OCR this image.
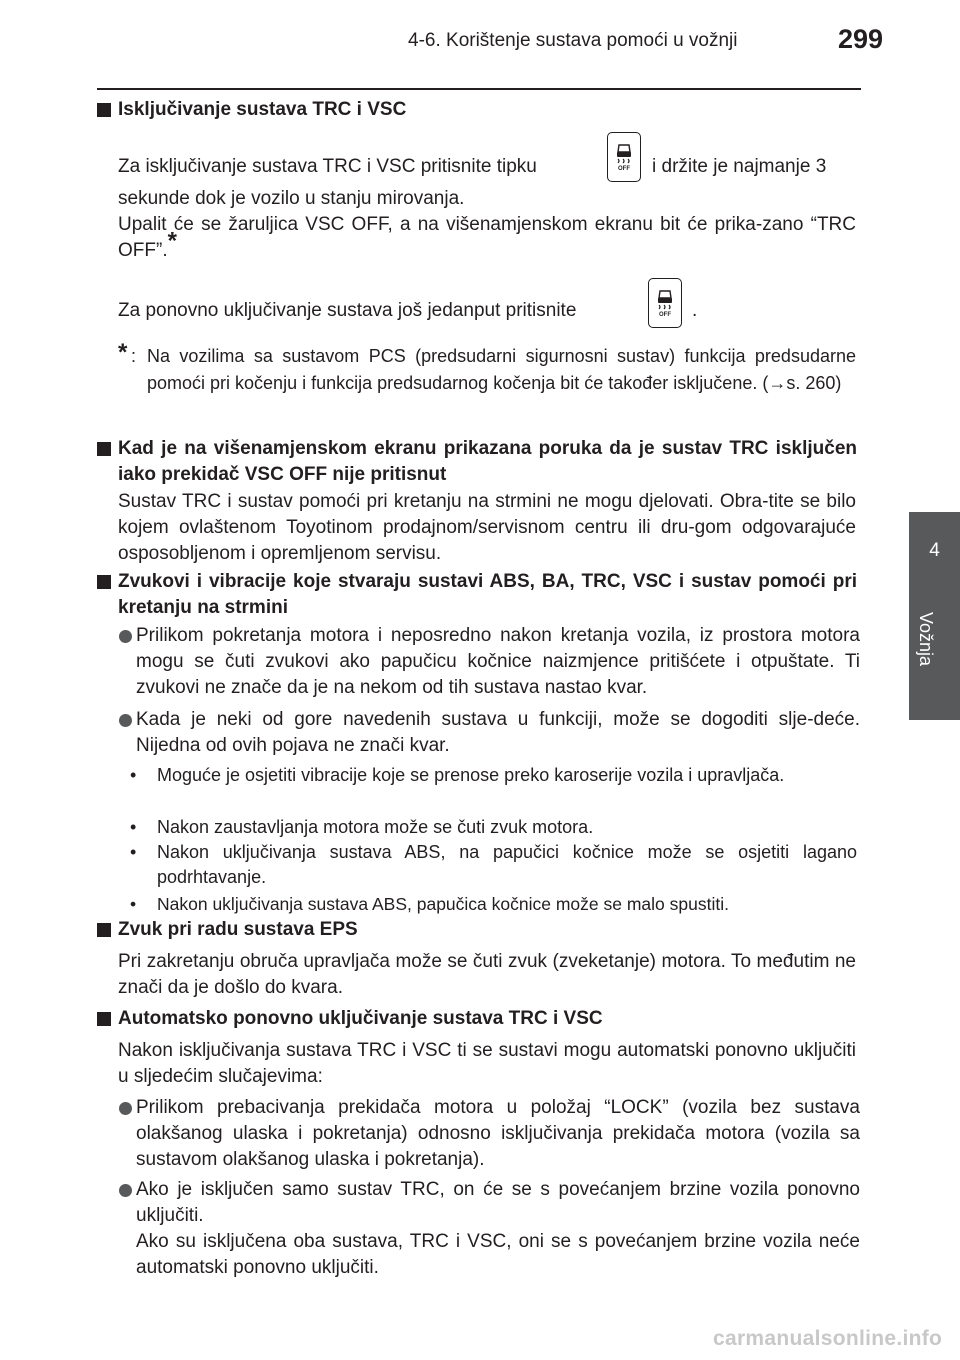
4-6. Korištenje sustava pomoći u vožnji	299
4
Vožnja
Isključivanje sustava TRC i VSC
Za isključivanje sustava TRC i VSC pritisnite tipku	OFF i držite je najmanje 3
sekunde dok je vozilo u stanju mirovanja.
Upalit će se žaruljica VSC OFF, a na višenamjenskom ekranu bit će prika-zano “TRC OFF”.*
Za ponovno uključivanje sustava još jedanput pritisnite	OFF .
* : Na vozilima sa sustavom PCS (predsudarni sigurnosni sustav) funkcija predsudarne pomoći pri kočenju i funkcija predsudarnog kočenja bit će također isključene. (→s. 260)
Kad je na višenamjenskom ekranu prikazana poruka da je sustav TRC isključen iako prekidač VSC OFF nije pritisnut
Sustav TRC i sustav pomoći pri kretanju na strmini ne mogu djelovati. Obra-tite se bilo kojem ovlaštenom Toyotinom prodajnom/servisnom centru ili dru-gom odgovarajuće osposobljenom i opremljenom servisu.
Zvukovi i vibracije koje stvaraju sustavi ABS, BA, TRC, VSC i sustav pomoći pri kretanju na strmini
Prilikom pokretanja motora i neposredno nakon kretanja vozila, iz prostora motora mogu se čuti zvukovi ako papučicu kočnice naizmjence pritišćete i otpuštate. Ti zvukovi ne znače da je na nekom od tih sustava nastao kvar.
Kada je neki od gore navedenih sustava u funkciji, može se dogoditi slje-deće. Nijedna od ovih pojava ne znači kvar.
•	Moguće je osjetiti vibracije koje se prenose preko karoserije vozila i upravljača.
•	Nakon zaustavljanja motora može se čuti zvuk motora.
•	Nakon uključivanja sustava ABS, na papučici kočnice može se osjetiti lagano podrhtavanje.
•	Nakon uključivanja sustava ABS, papučica kočnice može se malo spustiti.
Zvuk pri radu sustava EPS
Pri zakretanju obruča upravljača može se čuti zvuk (zveketanje) motora. To međutim ne znači da je došlo do kvara.
Automatsko ponovno uključivanje sustava TRC i VSC
Nakon isključivanja sustava TRC i VSC ti se sustavi mogu automatski ponovno uključiti u sljedećim slučajevima:
Prilikom prebacivanja prekidača motora u položaj “LOCK” (vozila bez sustava olakšanog ulaska i pokretanja) odnosno isključivanja prekidača motora (vozila sa sustavom olakšanog ulaska i pokretanja).
Ako je isključen samo sustav TRC, on će se s povećanjem brzine vozila ponovno uključiti.
Ako su isključena oba sustava, TRC i VSC, oni se s povećanjem brzine vozila neće automatski ponovno uključiti.
carmanualsonline.info
